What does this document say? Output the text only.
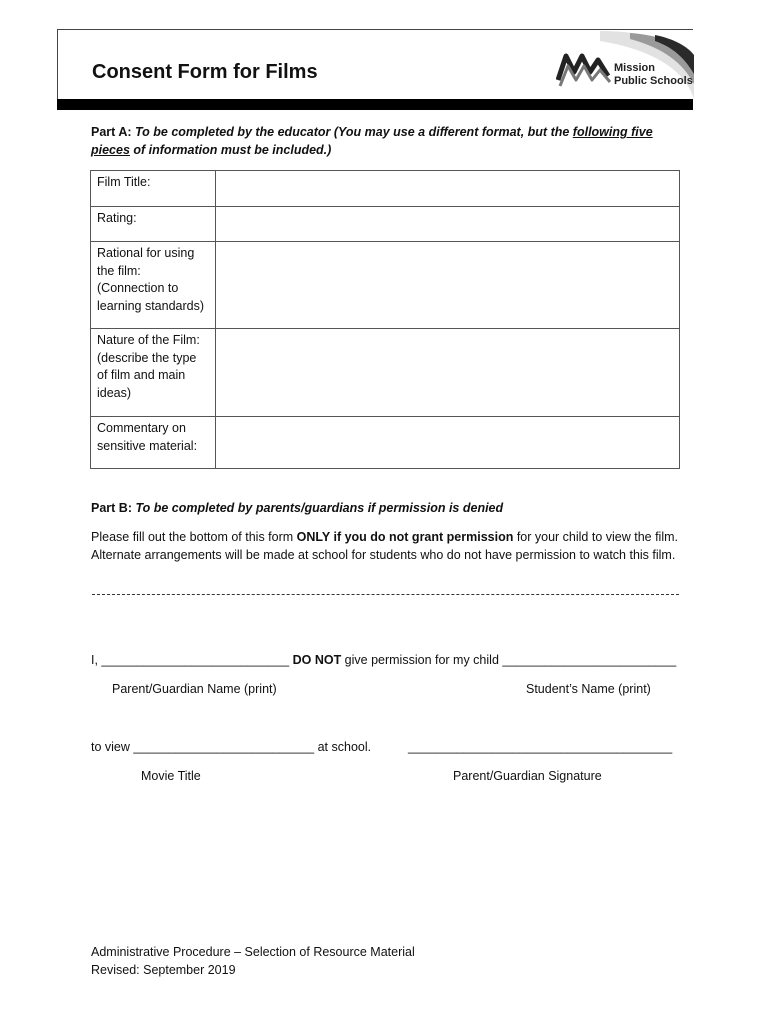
Consent Form for Films	Mission
Public Schools
Part A: To be completed by the educator (You may use a different format, but the following five pieces of information must be included.)
Film Title:	
Rating:	
Rational for using the film: (Connection to learning standards)	
Nature of the Film: (describe the type of film and main ideas)	
Commentary on sensitive material:	
Part B: To be completed by parents/guardians if permission is denied
Please fill out the bottom of this form ONLY if you do not grant permission for your child to view the film. Alternate arrangements will be made at school for students who do not have permission to watch this film.
I, ___________________________ DO NOT give permission for my child _________________________
Parent/Guardian Name (print)	Student’s Name (print)
to view __________________________ at school.	______________________________________
Movie Title	Parent/Guardian Signature
Administrative Procedure – Selection of Resource Material
Revised: September 2019
